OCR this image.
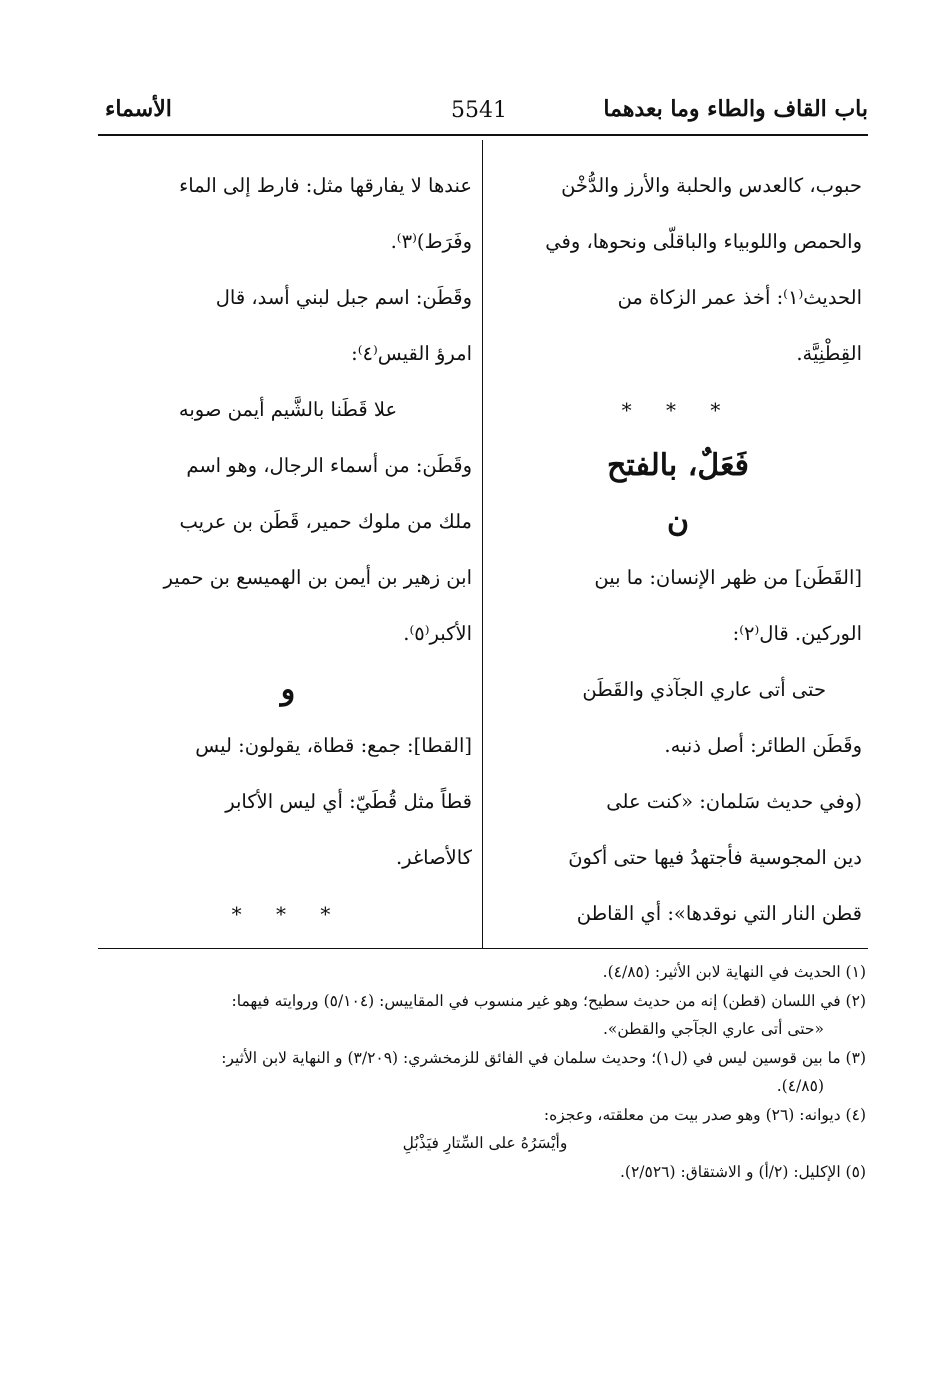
باب القاف والطاء وما بعدهما
5541
الأسماء
حبوب، كالعدس والحلبة والأرز والدُّخْن
والحمص واللوبياء والباقلّى ونحوها، وفي
الحديث⁽١⁾: أخذ عمر الزكاة من
القِطْنِيَّة.
* * *
فَعَلٌ، بالفتح
ن
[القَطَن] من ظهر الإنسان: ما بين
الوركين. قال⁽٢⁾:
حتى أتى عاري الجآذي والقَطَن
وقَطَن الطائر: أصل ذنبه.
(وفي حديث سَلمان: «كنت على
دين المجوسية فأجتهدُ فيها حتى أكونَ
قطن النار التي نوقدها»: أي القاطن
عندها لا يفارقها مثل: فارط إلى الماء
وفَرَط)⁽٣⁾.
وقَطَن: اسم جبل لبني أسد، قال
امرؤ القيس⁽٤⁾:
علا قَطَنا بالشَّيم أيمن صوبه
وقَطَن: من أسماء الرجال، وهو اسم
ملك من ملوك حمير، قَطَن بن عريب
ابن زهير بن أيمن بن الهميسع بن حمير
الأكبر⁽٥⁾.
و
[القطا]: جمع: قطاة، يقولون: ليس
قطاً مثل قُطَيّ: أي ليس الأكابر
كالأصاغر.
* * *
(١) الحديث في النهاية لابن الأثير: (٤/٨٥).
(٢) في اللسان (قطن) إنه من حديث سطيح؛ وهو غير منسوب في المقاييس: (٥/١٠٤) وروايته فيهما:
«حتى أتى عاري الجآجي والقطن».
(٣) ما بين قوسين ليس في (ل١)؛ وحديث سلمان في الفائق للزمخشري: (٣/٢٠٩) و النهاية لابن الأثير:
(٤/٨٥).
(٤) ديوانه: (٢٦) وهو صدر بيت من معلقته، وعجزه:
وأيْسَرُهُ على السِّتارِ فيَذْبُلِ
(٥) الإكليل: (٢/أ) و الاشتقاق: (٢/٥٢٦).
